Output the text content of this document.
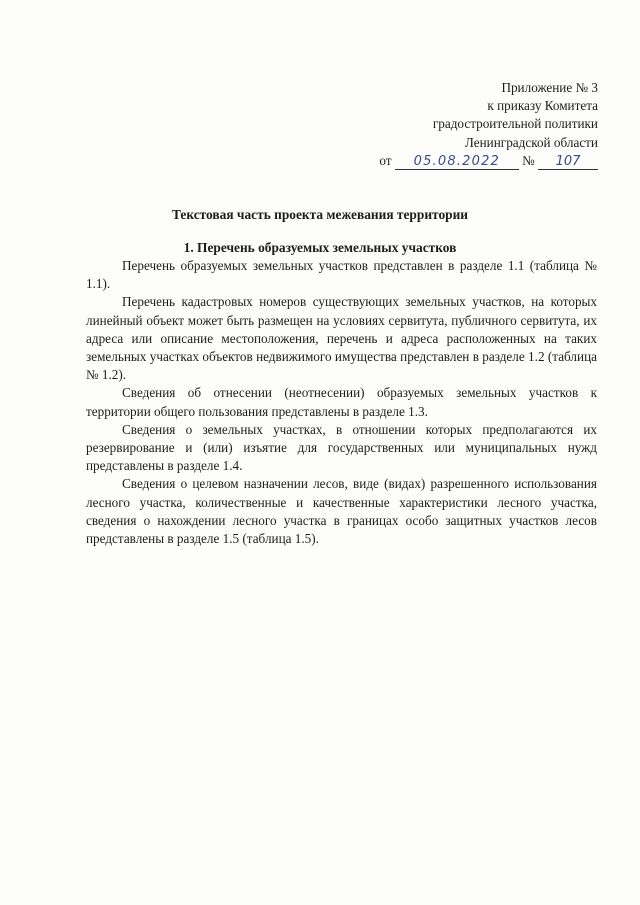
Приложение № 3
к приказу Комитета
градостроительной политики
Ленинградской области
от 05.08.2022 № 107
Текстовая часть проекта межевания территории
1. Перечень образуемых земельных участков

Перечень образуемых земельных участков представлен в разделе 1.1 (таблица № 1.1).

Перечень кадастровых номеров существующих земельных участков, на которых линейный объект может быть размещен на условиях сервитута, публичного сервитута, их адреса или описание местоположения, перечень и адреса расположенных на таких земельных участках объектов недвижимого имущества представлен в разделе 1.2 (таблица № 1.2).

Сведения об отнесении (неотнесении) образуемых земельных участков к территории общего пользования представлены в разделе 1.3.

Сведения о земельных участках, в отношении которых предполагаются их резервирование и (или) изъятие для государственных или муниципальных нужд представлены в разделе 1.4.

Сведения о целевом назначении лесов, виде (видах) разрешенного использования лесного участка, количественные и качественные характеристики лесного участка, сведения о нахождении лесного участка в границах особо защитных участков лесов представлены в разделе 1.5 (таблица 1.5).
